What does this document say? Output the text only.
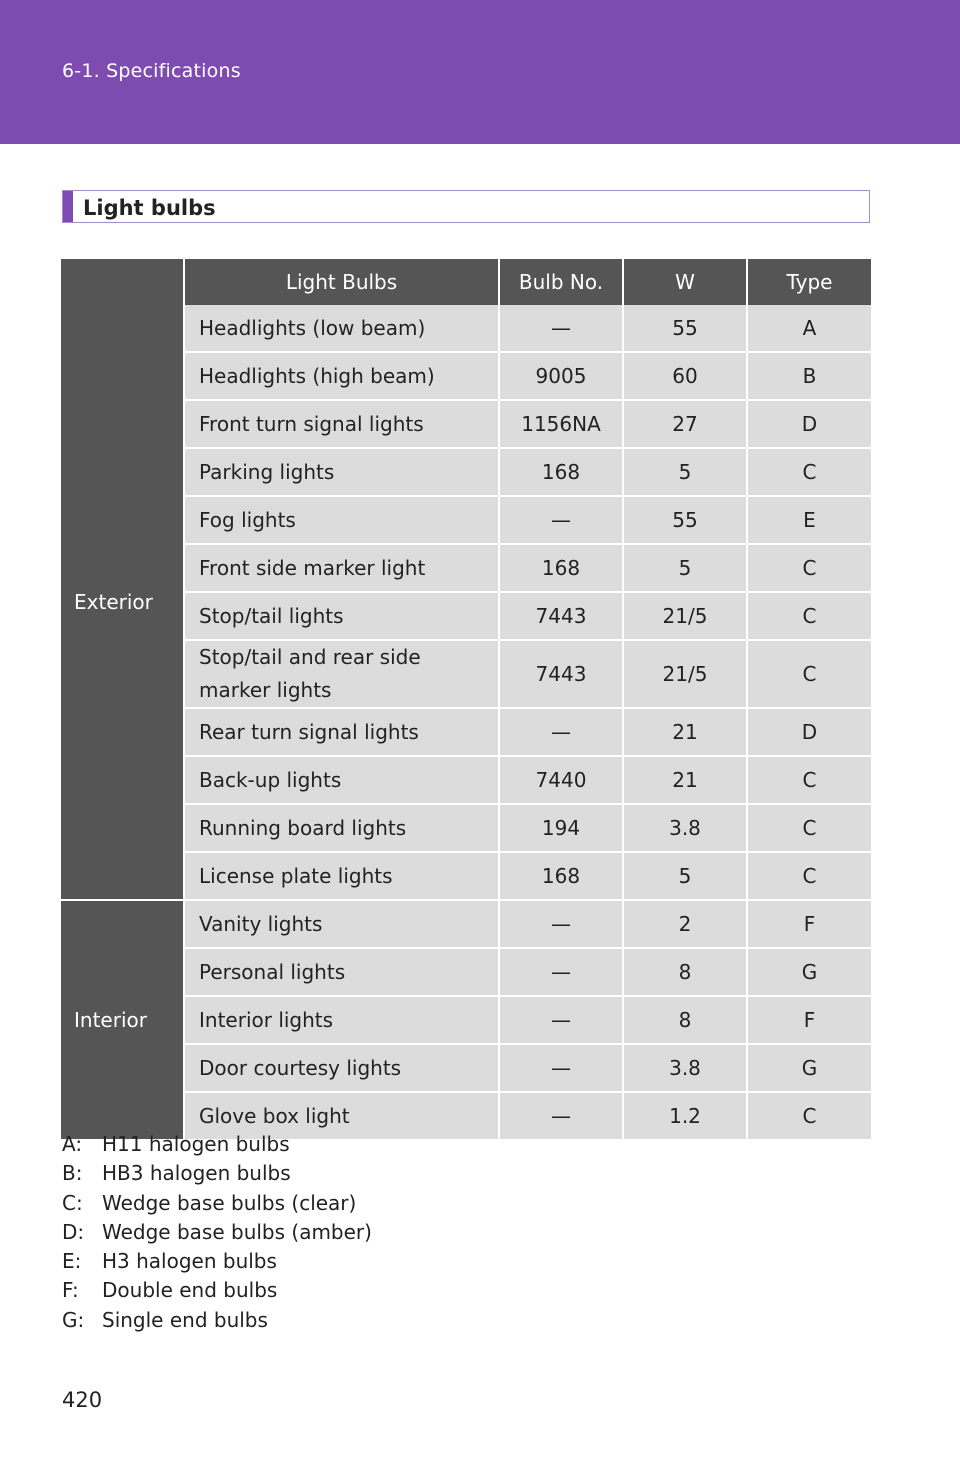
6-1. Specifications
Light bulbs
	Light Bulbs	Bulb No.	W	Type
Exterior	Headlights (low beam)	—	55	A
	Headlights (high beam)	9005	60	B
	Front turn signal lights	1156NA	27	D
	Parking lights	168	5	C
	Fog lights	—	55	E
	Front side marker light	168	5	C
	Stop/tail lights	7443	21/5	C
	Stop/tail and rear side marker lights	7443	21/5	C
	Rear turn signal lights	—	21	D
	Back-up lights	7440	21	C
	Running board lights	194	3.8	C
	License plate lights	168	5	C
Interior	Vanity lights	—	2	F
	Personal lights	—	8	G
	Interior lights	—	8	F
	Door courtesy lights	—	3.8	G
	Glove box light	—	1.2	C
A: H11 halogen bulbs
B: HB3 halogen bulbs
C: Wedge base bulbs (clear)
D: Wedge base bulbs (amber)
E:	H3 halogen bulbs
F:	Double end bulbs
G: Single end bulbs
420
